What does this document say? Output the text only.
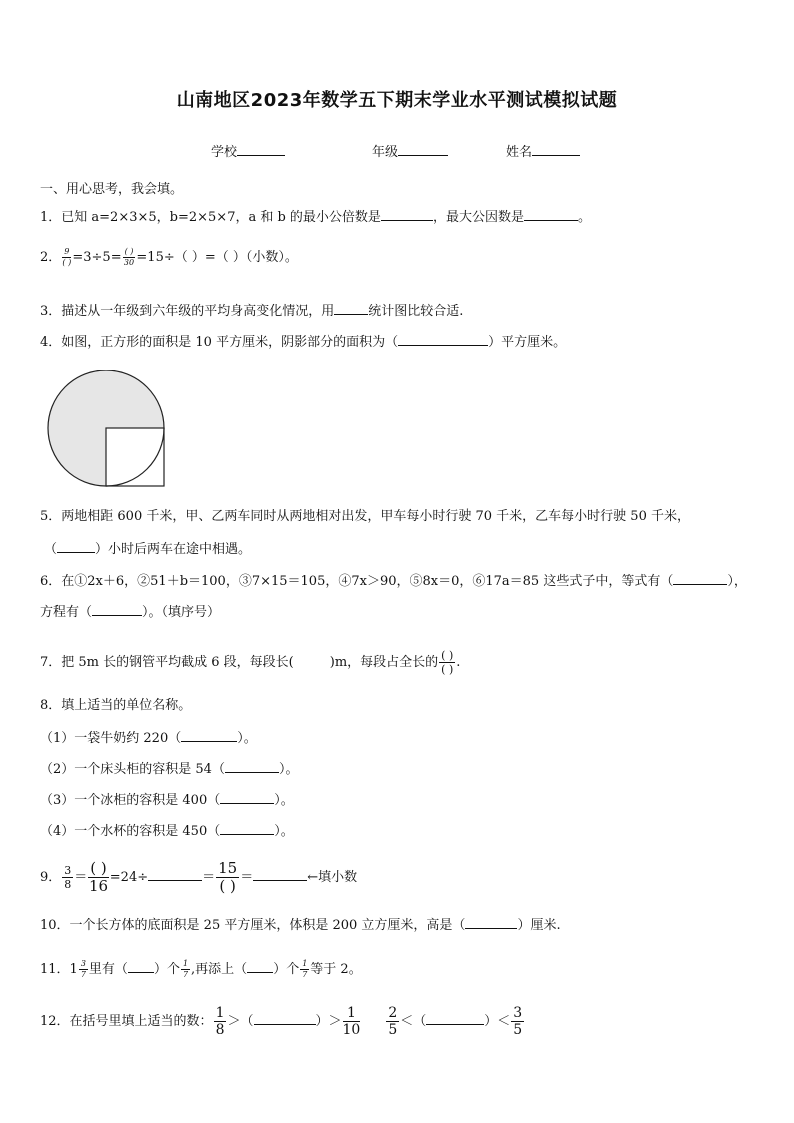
山南地区2023年数学五下期末学业水平测试模拟试题
学校	年级	姓名
一、用心思考，我会填。
1．已知 a=2×3×5，b=2×5×7，a 和 b 的最小公倍数是	，最大公因数是	。
2． $\frac{9}{( )} =3\div 5= \frac{( )}{30} =15\div$（ ）=（ ）（小数）。
3．描述从一年级到六年级的平均身高变化情况，用	统计图比较合适.
4．如图，正方形的面积是 10 平方厘米，阴影部分的面积为（	）平方厘米。
5．两地相距 600 千米，甲、乙两车同时从两地相对出发，甲车每小时行驶 70 千米，乙车每小时行驶 50 千米，
（	）小时后两车在途中相遇。
6．在①2x＋6，②51＋b＝100，③7×15＝105，④7x＞90，⑤8x＝0，⑥17a＝85 这些式子中，等式有（	），
方程有（	）。（填序号）
7．把 5m 长的钢管平均截成 6 段，每段长(	)m，每段占全长的 $\frac{( )}{( )}$ .
8．填上适当的单位名称。
（1）一袋牛奶约 220（	）。
（2）一个床头柜的容积是 54（	）。
（3）一个冰柜的容积是 400（	）。
（4）一个水杯的容积是 450（	）。
9． $\frac{3}{8} = \frac{( )}{16} =24\div$	＝ $\frac{15}{( )}$ ＝	←填小数
10．一个长方体的底面积是 25 平方厘米，体积是 200 立方厘米，高是（	）厘米.
11．$1 \frac{3}{7}$ 里有（ ）个 $\frac{1}{7}$ ,再添上（ ）个 $\frac{1}{7}$ 等于 2。
12．在括号里填上适当的数： $\frac{1}{8}$ ＞（	）＞ $\frac{1}{10} \frac{2}{5}$ ＜（	）＜ $\frac{3}{5}$
